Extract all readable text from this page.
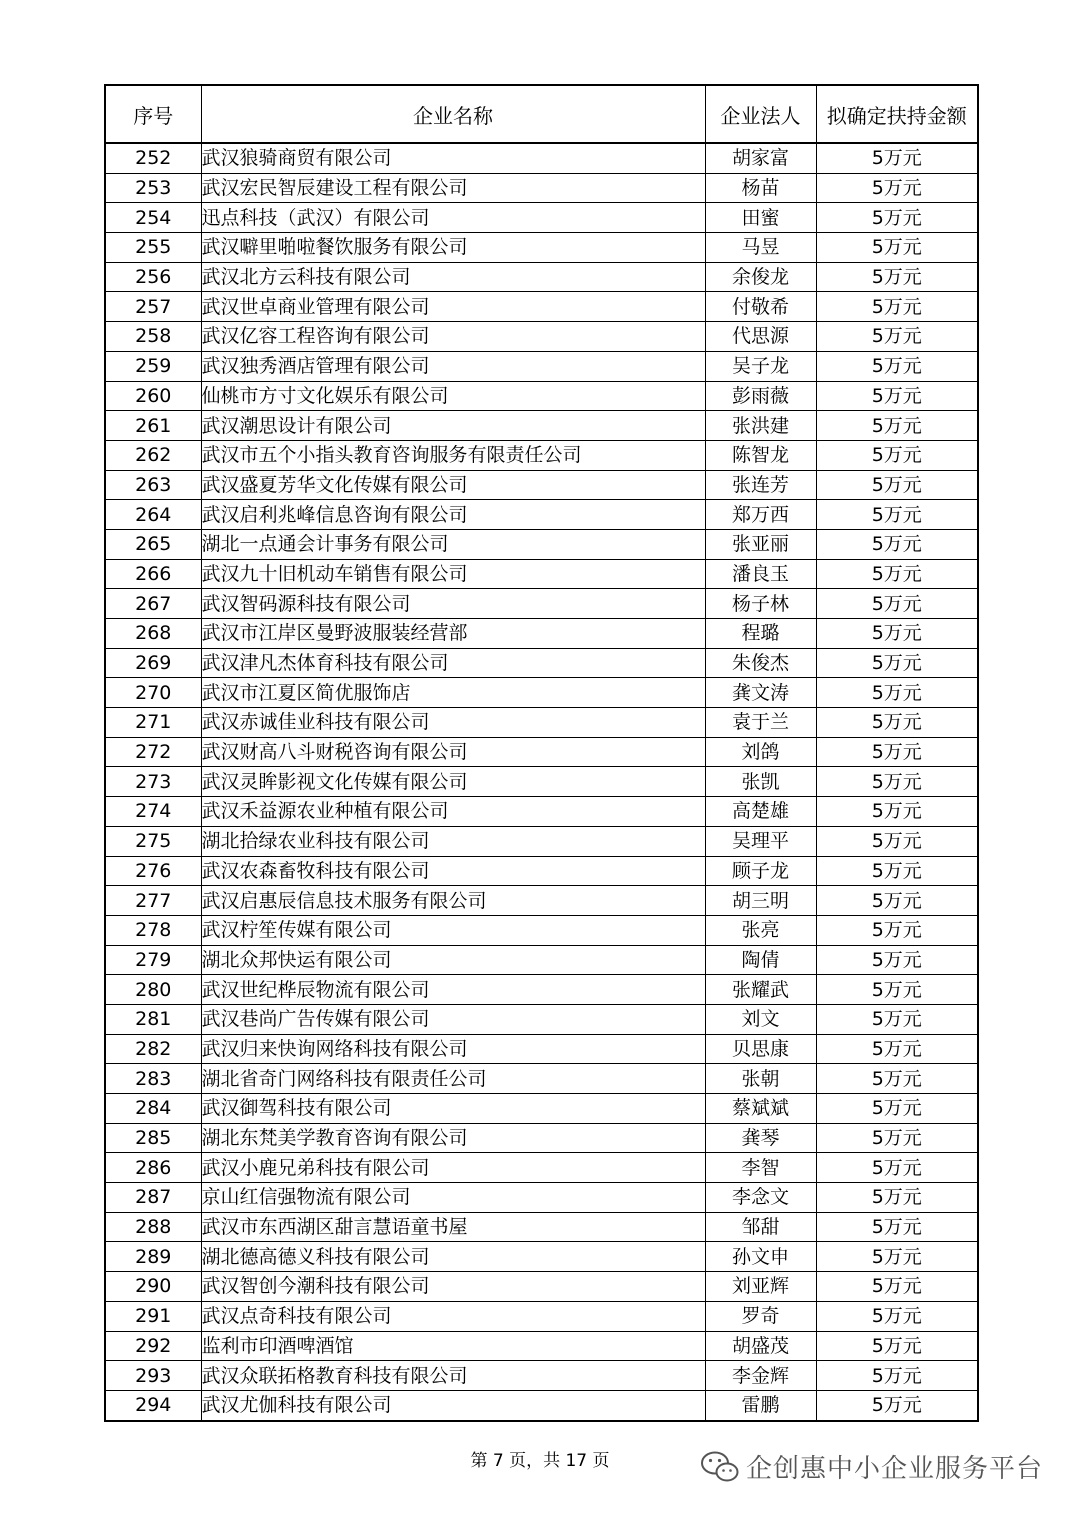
序号	企业名称	企业法人	拟确定扶持金额
252	武汉狼骑商贸有限公司	胡家富	5万元
253	武汉宏民智辰建设工程有限公司	杨苗	5万元
254	迅点科技（武汉）有限公司	田蜜	5万元
255	武汉噼里啪啦餐饮服务有限公司	马昱	5万元
256	武汉北方云科技有限公司	余俊龙	5万元
257	武汉世卓商业管理有限公司	付敬希	5万元
258	武汉亿容工程咨询有限公司	代思源	5万元
259	武汉独秀酒店管理有限公司	吴子龙	5万元
260	仙桃市方寸文化娱乐有限公司	彭雨薇	5万元
261	武汉潮思设计有限公司	张洪建	5万元
262	武汉市五个小指头教育咨询服务有限责任公司	陈智龙	5万元
263	武汉盛夏芳华文化传媒有限公司	张连芳	5万元
264	武汉启利兆峰信息咨询有限公司	郑万西	5万元
265	湖北一点通会计事务有限公司	张亚丽	5万元
266	武汉九十旧机动车销售有限公司	潘良玉	5万元
267	武汉智码源科技有限公司	杨子林	5万元
268	武汉市江岸区曼野波服装经营部	程璐	5万元
269	武汉津凡杰体育科技有限公司	朱俊杰	5万元
270	武汉市江夏区简优服饰店	龚文涛	5万元
271	武汉赤诚佳业科技有限公司	袁于兰	5万元
272	武汉财高八斗财税咨询有限公司	刘鸽	5万元
273	武汉灵眸影视文化传媒有限公司	张凯	5万元
274	武汉禾益源农业种植有限公司	高楚雄	5万元
275	湖北拾绿农业科技有限公司	吴理平	5万元
276	武汉农森畜牧科技有限公司	顾子龙	5万元
277	武汉启惠辰信息技术服务有限公司	胡三明	5万元
278	武汉柠笙传媒有限公司	张亮	5万元
279	湖北众邦快运有限公司	陶倩	5万元
280	武汉世纪桦辰物流有限公司	张耀武	5万元
281	武汉巷尚广告传媒有限公司	刘文	5万元
282	武汉归来快询网络科技有限公司	贝思康	5万元
283	湖北省奇门网络科技有限责任公司	张朝	5万元
284	武汉御驾科技有限公司	蔡斌斌	5万元
285	湖北东梵美学教育咨询有限公司	龚琴	5万元
286	武汉小鹿兄弟科技有限公司	李智	5万元
287	京山红信强物流有限公司	李念文	5万元
288	武汉市东西湖区甜言慧语童书屋	邹甜	5万元
289	湖北德高德义科技有限公司	孙文申	5万元
290	武汉智创今潮科技有限公司	刘亚辉	5万元
291	武汉点奇科技有限公司	罗奇	5万元
292	监利市印酒啤酒馆	胡盛茂	5万元
293	武汉众联拓格教育科技有限公司	李金辉	5万元
294	武汉尤伽科技有限公司	雷鹏	5万元
第 7 页，共 17 页	企创惠中小企业服务平台
